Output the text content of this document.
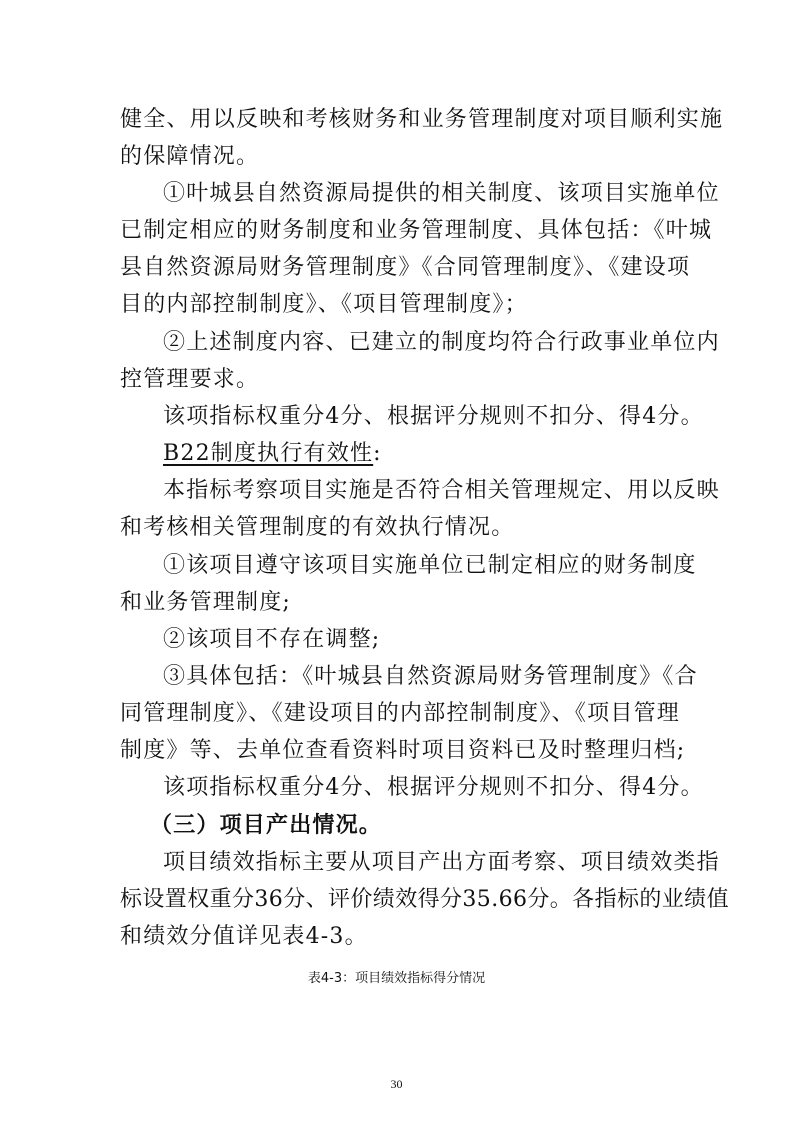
健全、用以反映和考核财务和业务管理制度对项目顺利实施
的保障情况。
①叶城县自然资源局提供的相关制度、该项目实施单位
已制定相应的财务制度和业务管理制度、具体包括：《叶城
县自然资源局财务管理制度》《合同管理制度》、《建设项
目的内部控制制度》、《项目管理制度》；
②上述制度内容、已建立的制度均符合行政事业单位内
控管理要求。
该项指标权重分4分、根据评分规则不扣分、得4分。
B22制度执行有效性:
本指标考察项目实施是否符合相关管理规定、用以反映
和考核相关管理制度的有效执行情况。
①该项目遵守该项目实施单位已制定相应的财务制度
和业务管理制度;
②该项目不存在调整;
③具体包括：《叶城县自然资源局财务管理制度》《合
同管理制度》、《建设项目的内部控制制度》、《项目管理
制度》等、去单位查看资料时项目资料已及时整理归档;
该项指标权重分4分、根据评分规则不扣分、得4分。
（三）项目产出情况。
项目绩效指标主要从项目产出方面考察、项目绩效类指
标设置权重分36分、评价绩效得分35.66分。各指标的业绩值
和绩效分值详见表4-3。
表4-3：项目绩效指标得分情况
30
